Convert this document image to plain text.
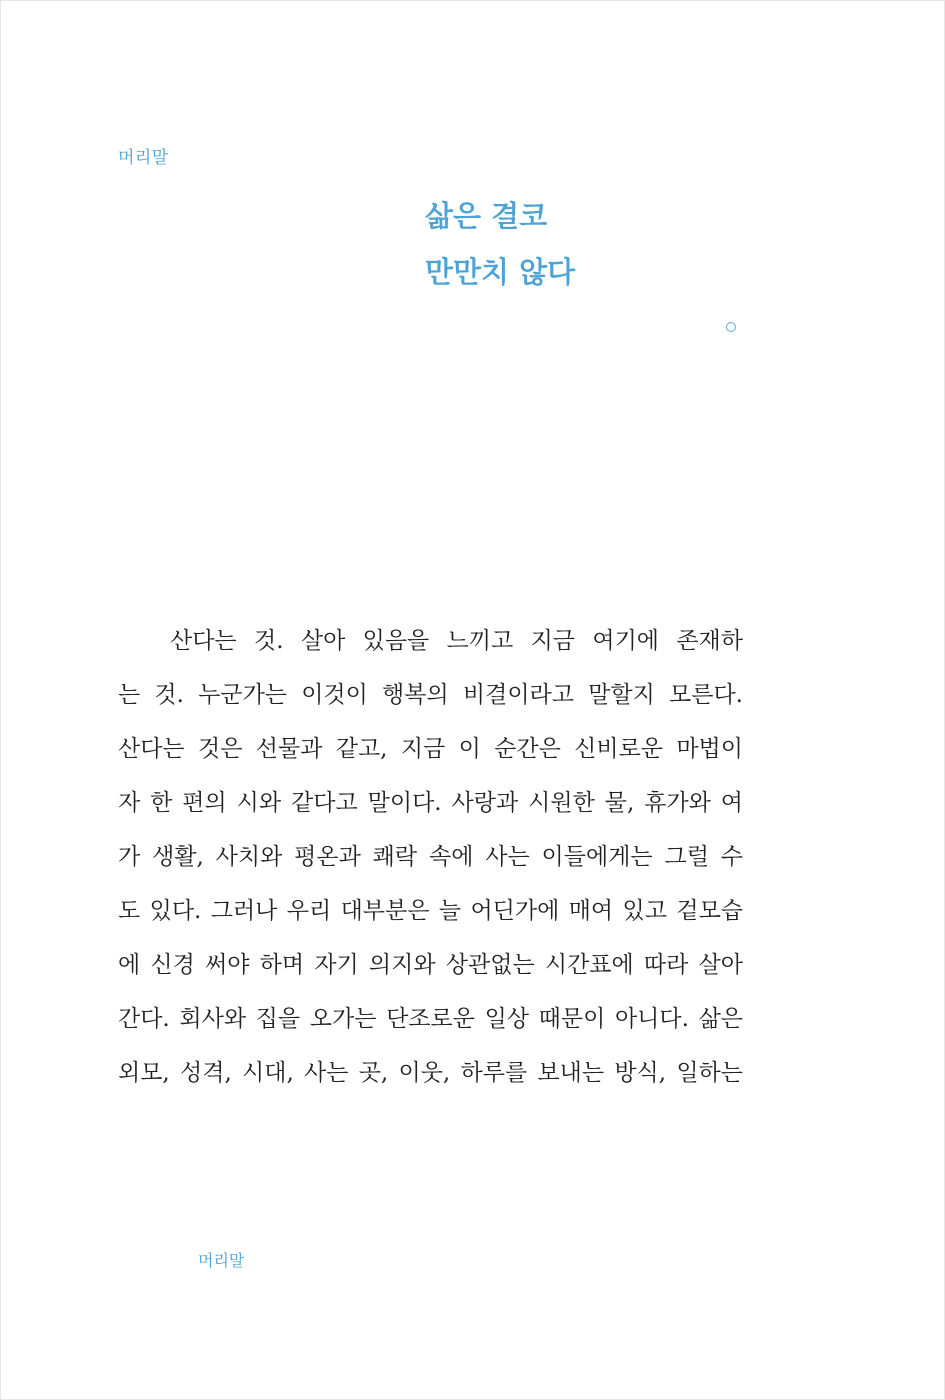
머리말
삶은 결코
만만치 않다
산다는 것. 살아 있음을 느끼고 지금 여기에 존재하
는 것. 누군가는 이것이 행복의 비결이라고 말할지 모른다.
산다는 것은 선물과 같고, 지금 이 순간은 신비로운 마법이
자 한 편의 시와 같다고 말이다. 사랑과 시원한 물, 휴가와 여
가 생활, 사치와 평온과 쾌락 속에 사는 이들에게는 그럴 수
도 있다. 그러나 우리 대부분은 늘 어딘가에 매여 있고 겉모습
에 신경 써야 하며 자기 의지와 상관없는 시간표에 따라 살아
간다. 회사와 집을 오가는 단조로운 일상 때문이 아니다. 삶은
외모, 성격, 시대, 사는 곳, 이웃, 하루를 보내는 방식, 일하는
머리말
